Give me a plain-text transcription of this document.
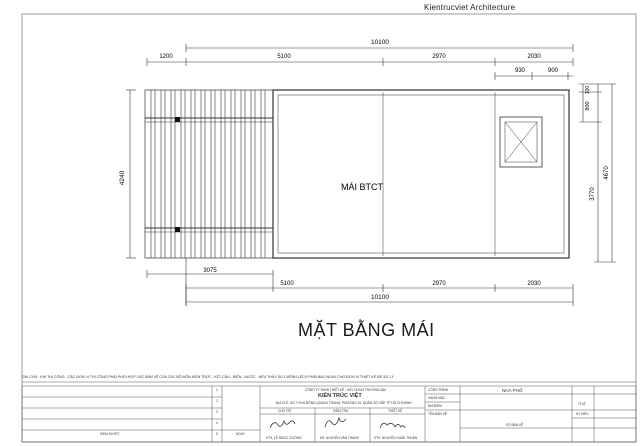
Kientrucviet Architecture
10100
1200	5100	2970	2030
930	900
MÁI BTCT
4240
100
800
3770
4670
3075
5100	2970	2030
10100
MẶT BẰNG MÁI
GHI CHÚ : KHI THI CÔNG , CÁC ĐƠN VỊ THI CÔNG PHẢI PHỐI HỢP CÁC BẢN VẼ CỦA CÁC BỘ MÔN KIẾN TRÚC , KẾT CẤU , ĐIỆN , NƯỚC . NẾU THẤY SỰ CHÊNH LỆCH PHẢI BÁO NGAY CHO ĐƠN VỊ THIẾT KẾ ĐỂ XỬ LÝ .
KIỂM DUYỆT	NGÀY
1
2
3
4
5
CÔNG TY TNHH THIẾT KẾ - XÂY DỰNG THƯƠNG MẠI
KIẾN TRÚC VIỆT
ĐỊA CHỈ : SỐ 7 KHU ĐÔNG QUANG TRUNG, PHƯỜNG 10, QUẬN GÒ VẤP, TP HỒ CHÍ MINH
CHỦ TRÌ	KIỂM TRA	THIẾT KẾ
KTS. LÊ NGỌC CƯỜNG	KS. NGUYỄN VĂN THÀNH	KTS. NGUYỄN XUÂN THUẬN
CÔNG TRÌNH	NHÀ PHỐ
HẠNG MỤC
ĐỊA ĐIỂM
TÊN BẢN VẼ	KÝ HIỆU
SỐ BẢN VẼ
TỈ LỆ
